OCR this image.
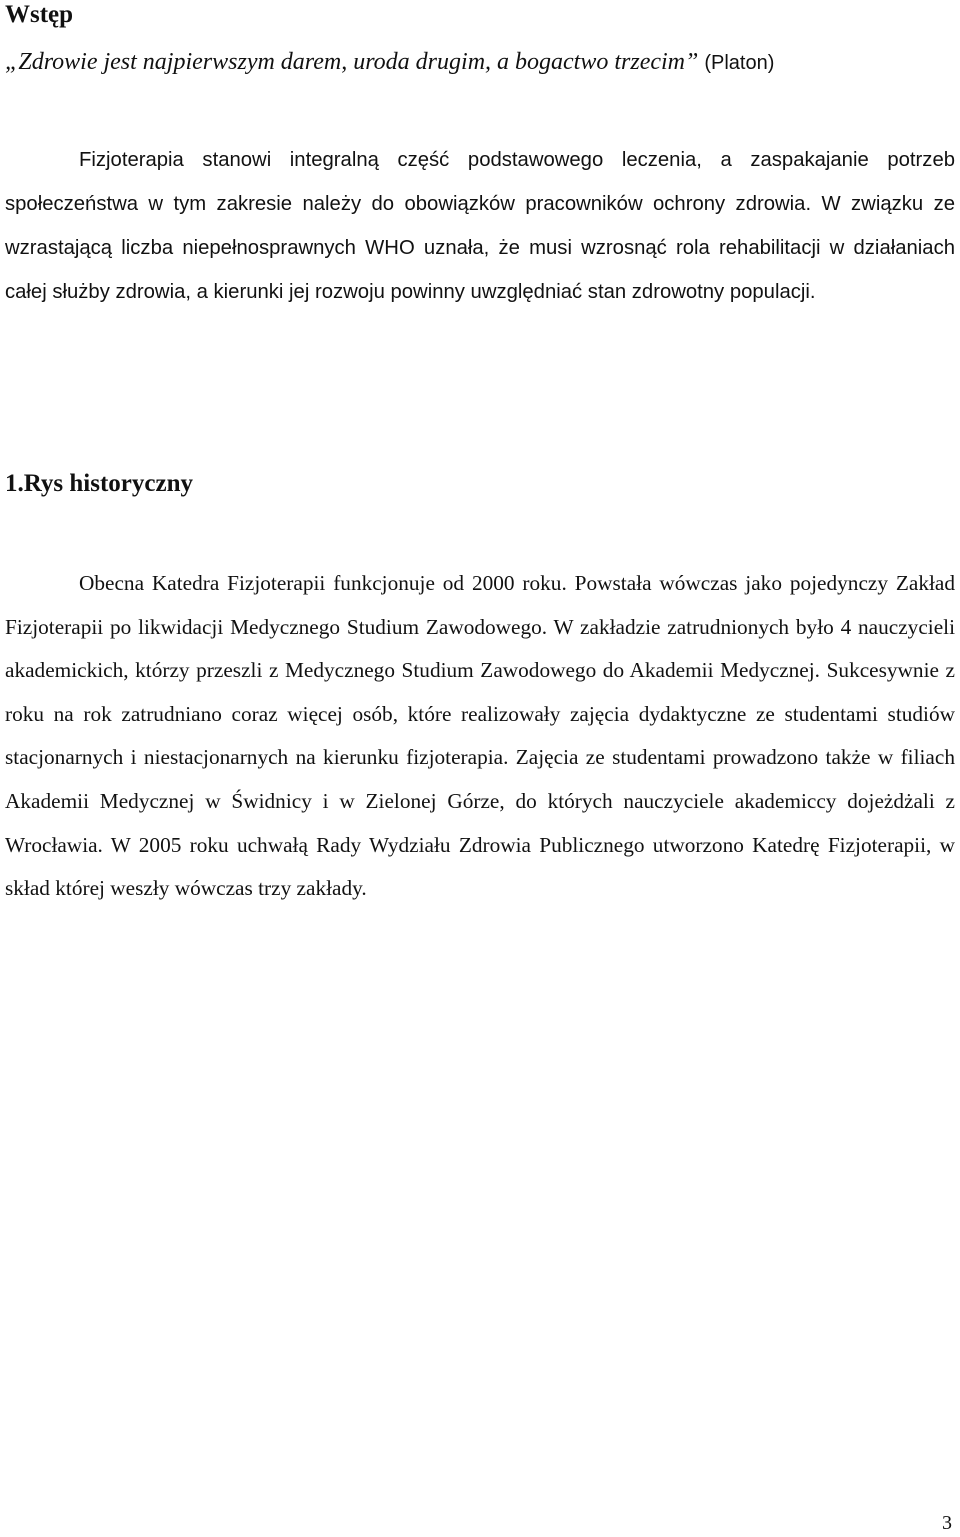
Wstęp

„Zdrowie jest najpierwszym darem, uroda drugim, a bogactwo trzecim” (Platon)

Fizjoterapia stanowi integralną część podstawowego leczenia, a zaspakajanie potrzeb społeczeństwa w tym zakresie należy do obowiązków pracowników ochrony zdrowia. W związku ze wzrastającą liczba niepełnosprawnych WHO uznała, że musi wzrosnąć rola rehabilitacji w działaniach całej służby zdrowia, a kierunki jej rozwoju powinny uwzględniać stan zdrowotny populacji.

1.Rys historyczny

Obecna Katedra Fizjoterapii funkcjonuje od 2000 roku. Powstała wówczas jako pojedynczy Zakład Fizjoterapii po likwidacji Medycznego Studium Zawodowego. W zakładzie zatrudnionych było 4 nauczycieli akademickich, którzy przeszli z Medycznego Studium Zawodowego do Akademii Medycznej. Sukcesywnie z roku na rok zatrudniano coraz więcej osób, które realizowały zajęcia dydaktyczne ze studentami studiów stacjonarnych i niestacjonarnych na kierunku fizjoterapia. Zajęcia ze studentami prowadzono także w filiach Akademii Medycznej w Świdnicy i w Zielonej Górze, do których nauczyciele akademiccy dojeżdżali z Wrocławia. W 2005 roku uchwałą Rady Wydziału Zdrowia Publicznego utworzono Katedrę Fizjoterapii, w skład której weszły wówczas trzy zakłady.

3
